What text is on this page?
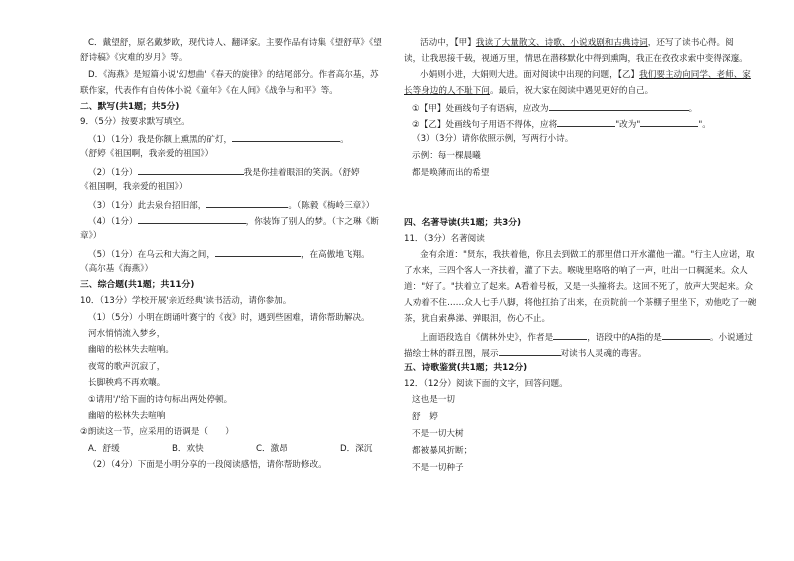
C．戴望舒，原名戴梦欧，现代诗人、翻译家。主要作品有诗集《望舒草》《望
舒诗稿》《灾难的岁月》等。
D．《海燕》是短篇小说'幻想曲'《春天的旋律》的结尾部分。作者高尔基，苏
联作家，代表作有自传体小说《童年》《在人间》《战争与和平》等。
二、默写(共1题；共5分)
9．（5分）按要求默写填空。
（1）（1分）我是你额上熏黑的矿灯，	。
（舒婷《祖国啊，我亲爱的祖国》）
（2）（1分）	我是你挂着眼泪的笑涡。（舒婷
《祖国啊，我亲爱的祖国》）
（3）（1分）此去泉台招旧部，	。（陈毅《梅岭三章》）
（4）（1分）	，你装饰了别人的梦。（卞之琳《断
章》）
（5）（1分）在乌云和大海之间，	，在高傲地飞翔。
（高尔基《海燕》）
三、综合题(共1题；共11分)
10．（13分）学校开展'亲近经典'读书活动，请你参加。
（1）（5分）小明在朗诵叶赛宁的《夜》时，遇到些困难，请你帮助解决。
河水悄悄流入梦乡，
幽暗的松林失去喧响。
夜莺的歌声沉寂了，
长脚秧鸡不再欢嚷。
①请用'/'给下面的诗句标出两处停顿。
幽暗的松林失去喧响
②朗读这一节，应采用的语调是（　　）
A．舒缓	B．欢快	C．激昂	D．深沉
（2）（4分）下面是小明分享的一段阅读感悟，请你帮助修改。
活动中，【甲】我读了大量散文、诗歌、小说戏剧和古典诗词，还写了读书心得。阅
读，让我思接千载，视通万里，情思在潜移默化中得到熏陶，我正在孜孜求索中变得深邃。
小娟则小进，大娟则大进。面对阅读中出现的问题，【乙】我们要主动向同学、老师、家
长等身边的人不耻下问。最后，祝大家在阅读中遇见更好的自己。
①【甲】处画线句子有语病，应改为	。
②【乙】处画线句子用语不得体，应将	"改为"	"。
（3）（3分）请你依照示例，写两行小诗。
示例：每一棵晨曦
都是唤薄而出的希望
四、名著导读(共1题；共3分)
11．（3分）名著阅读
金有余道："贤东，我扶着他，你且去到做工的那里借口开水灌他一灌。"行主人应诺，取
了水来，三四个客人一齐扶着，灌了下去。喉咙里咯咯的响了一声，吐出一口稠涎来。众人
道："好了。"扶着立了起来。A看着号板，又是一头撞将去。这回不死了，放声大哭起来。众
人劝着不住……众人七手八脚，将他扛抬了出来，在贡院前一个茶棚子里坐下，劝他吃了一碗
茶，犹自索鼻涕、弹眼泪，伤心不止。
上面语段选自《儒林外史》，作者是	，语段中的A指的是	。小说通过
描绘士林的群丑图，展示	对读书人灵魂的毒害。
五、诗歌鉴赏(共1题；共12分)
12．（12分）阅读下面的文字，回答问题。
这也是一切
舒　婷
不是一切大树
都被暴风折断；
不是一切种子
